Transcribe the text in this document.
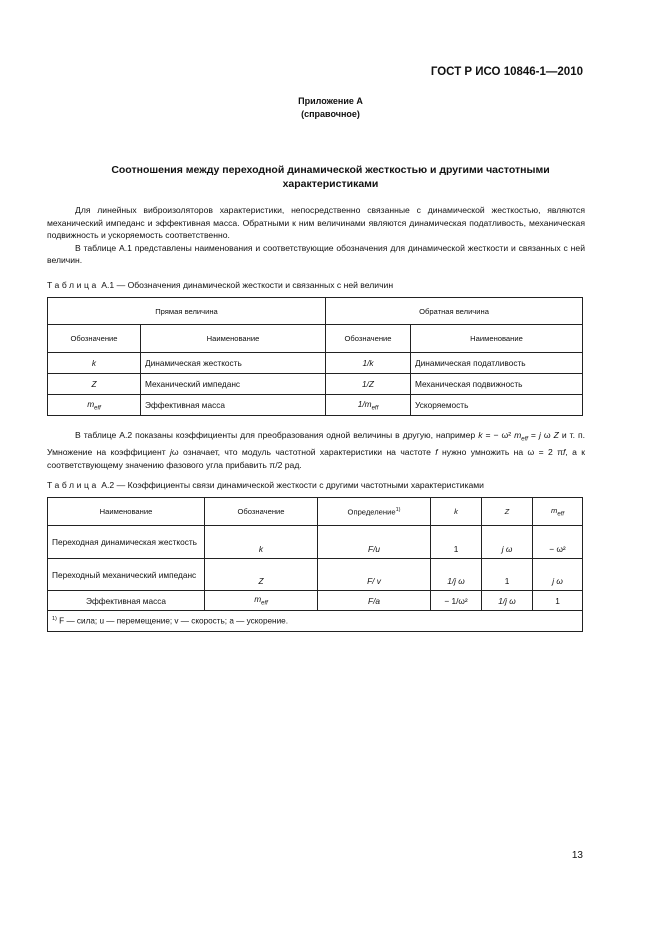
ГОСТ Р ИСО 10846-1—2010
Приложение А
(справочное)
Соотношения между переходной динамической жесткостью и другими частотными характеристиками

Для линейных виброизоляторов характеристики, непосредственно связанные с динамической жесткостью, являются механический импеданс и эффективная масса. Обратными к ним величинами являются динамическая податливость, механическая подвижность и ускоряемость соответственно.

В таблице А.1 представлены наименования и соответствующие обозначения для динамической жесткости и связанных с ней величин.

Таблица А.1 — Обозначения динамической жесткости и связанных с ней величин
Прямая величина		Обратная величина	
Обозначение	Наименование	Обозначение	Наименование
k	Динамическая жесткость	1/k	Динамическая податливость
Z	Механический импеданс	1/Z	Механическая подвижность
$m_{eff}$	Эффективная масса	$1/m_{eff}$	Ускоряемость

В таблице А.2 показаны коэффициенты для преобразования одной величины в другую, например k = − ω² $m_{eff} = j$ ω Z и т. п. Умножение на коэффициент jω означает, что модуль частотной характеристики на частоте f нужно умножить на ω = 2 πf, а к соответствующему значению фазового угла прибавить π/2 рад.

Таблица А.2 — Коэффициенты связи динамической жесткости с другими частотными характеристиками
Наименование	Обозначение	Определение$^{1)}$	k	Z	$m_{eff}$
Переходная динамическая жесткость	k	F/u	1	j ω	− ω²
Переходный механический импеданс	Z	F/ v	1/j ω	1	j ω
Эффективная масса	$m_{eff}$	F/a	− 1/ω²	1/j ω	1
$^{1)}$ F — сила; u — перемещение; v — скорость; a — ускорение.					
13
